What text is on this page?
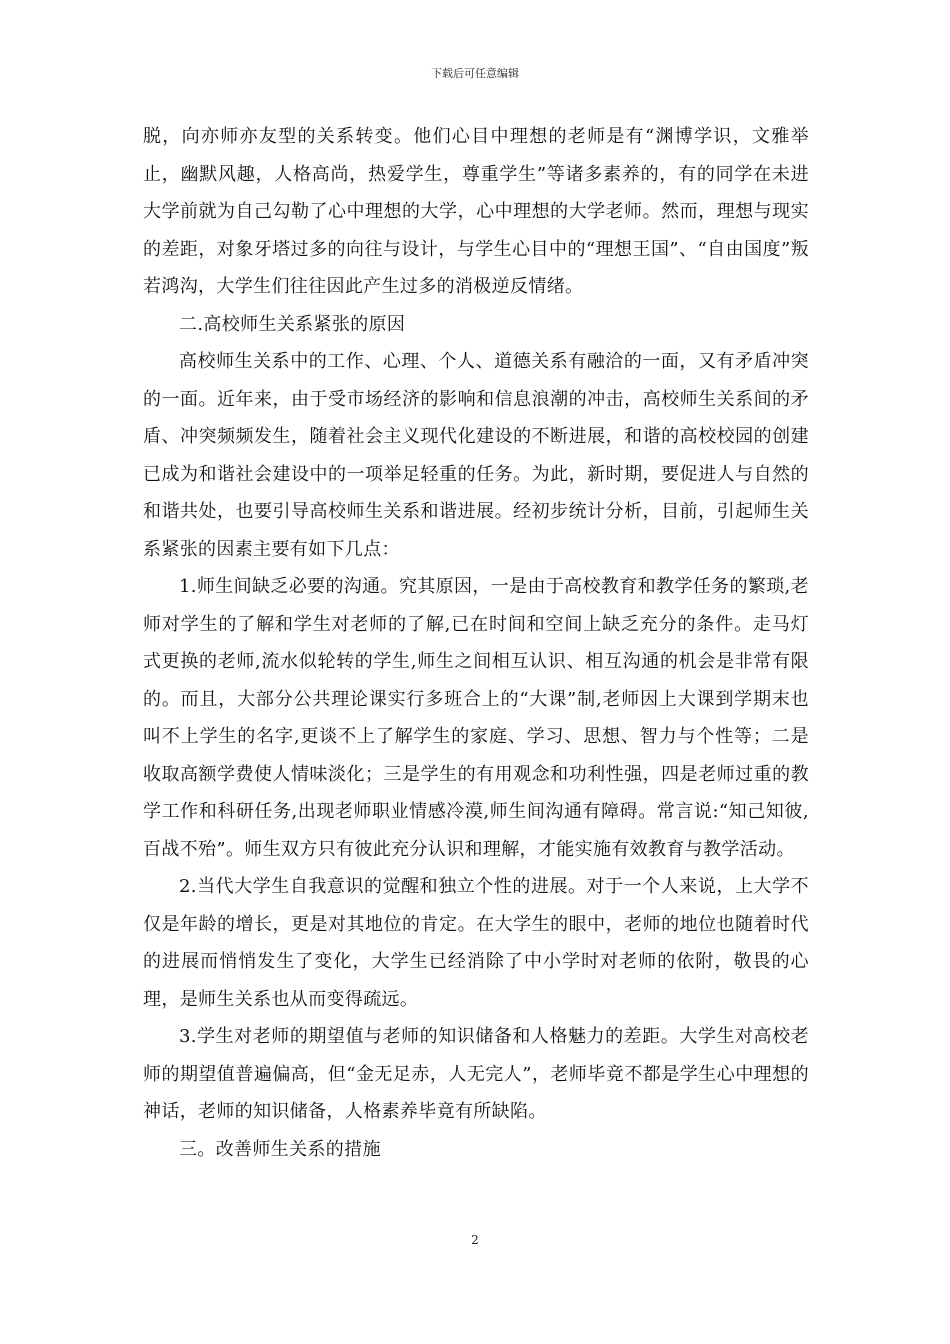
下载后可任意编辑

脱，向亦师亦友型的关系转变。他们心目中理想的老师是有“渊博学识，文雅举止，幽默风趣，人格高尚，热爱学生，尊重学生”等诸多素养的，有的同学在未进大学前就为自己勾勒了心中理想的大学，心中理想的大学老师。然而，理想与现实的差距，对象牙塔过多的向往与设计，与学生心目中的“理想王国”、“自由国度”叛若鸿沟，大学生们往往因此产生过多的消极逆反情绪。

二.高校师生关系紧张的原因

高校师生关系中的工作、心理、个人、道德关系有融洽的一面，又有矛盾冲突的一面。近年来，由于受市场经济的影响和信息浪潮的冲击，高校师生关系间的矛盾、冲突频频发生，随着社会主义现代化建设的不断进展，和谐的高校校园的创建已成为和谐社会建设中的一项举足轻重的任务。为此，新时期，要促进人与自然的和谐共处，也要引导高校师生关系和谐进展。经初步统计分析，目前，引起师生关系紧张的因素主要有如下几点：

1.师生间缺乏必要的沟通。究其原因，一是由于高校教育和教学任务的繁琐,老师对学生的了解和学生对老师的了解,已在时间和空间上缺乏充分的条件。走马灯式更换的老师,流水似轮转的学生,师生之间相互认识、相互沟通的机会是非常有限的。而且，大部分公共理论课实行多班合上的“大课”制,老师因上大课到学期末也叫不上学生的名字,更谈不上了解学生的家庭、学习、思想、智力与个性等；二是收取高额学费使人情味淡化；三是学生的有用观念和功利性强，四是老师过重的教学工作和科研任务,出现老师职业情感冷漠,师生间沟通有障碍。常言说:“知己知彼,百战不殆”。师生双方只有彼此充分认识和理解，才能实施有效教育与教学活动。

2.当代大学生自我意识的觉醒和独立个性的进展。对于一个人来说，上大学不仅是年龄的增长，更是对其地位的肯定。在大学生的眼中，老师的地位也随着时代的进展而悄悄发生了变化，大学生已经消除了中小学时对老师的依附，敬畏的心理，是师生关系也从而变得疏远。

3.学生对老师的期望值与老师的知识储备和人格魅力的差距。大学生对高校老师的期望值普遍偏高，但“金无足赤，人无完人”，老师毕竟不都是学生心中理想的神话，老师的知识储备，人格素养毕竟有所缺陷。

三。改善师生关系的措施

2
